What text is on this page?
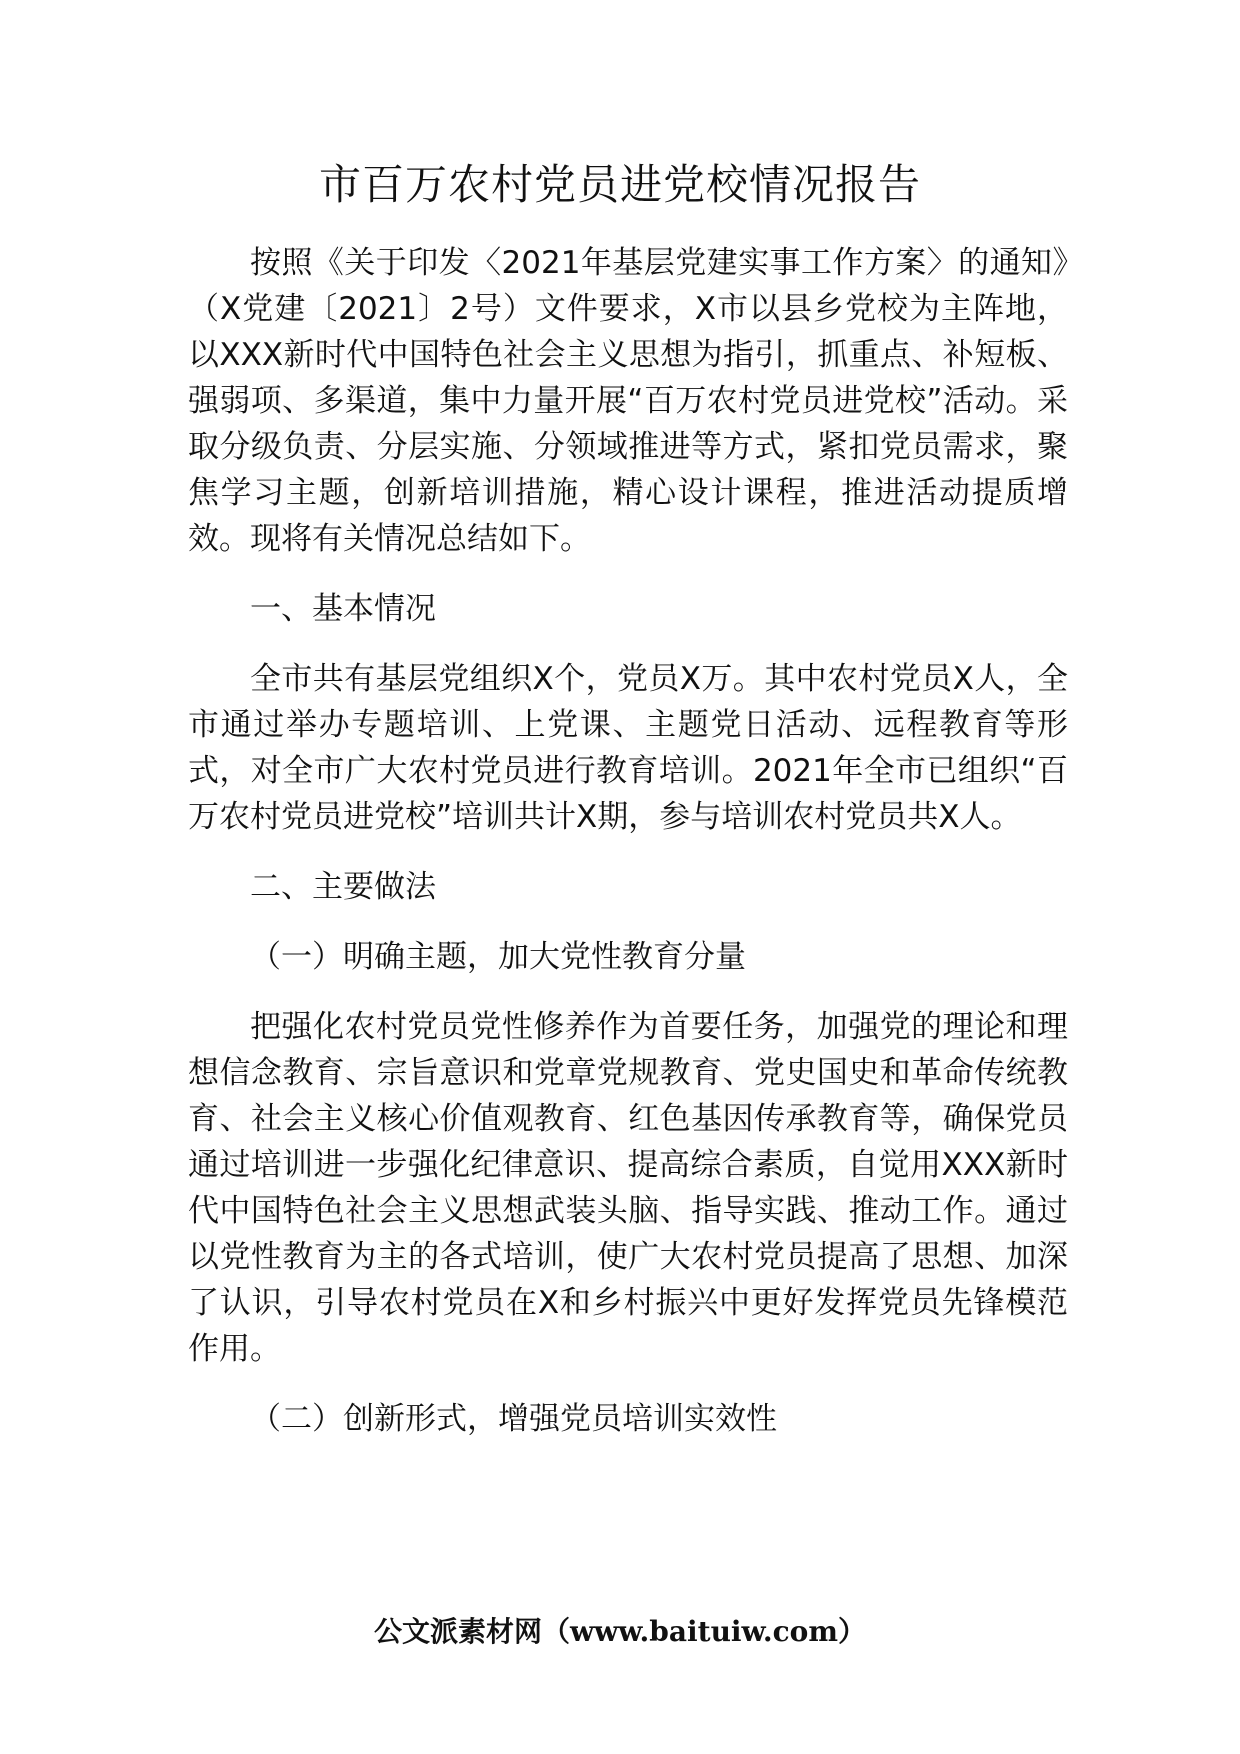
市百万农村党员进党校情况报告

按照《关于印发〈2021年基层党建实事工作方案〉的通知》（X党建〔2021〕2号）文件要求，X市以县乡党校为主阵地，以XXX新时代中国特色社会主义思想为指引，抓重点、补短板、强弱项、多渠道，集中力量开展“百万农村党员进党校”活动。采取分级负责、分层实施、分领域推进等方式，紧扣党员需求，聚焦学习主题，创新培训措施，精心设计课程，推进活动提质增效。现将有关情况总结如下。

一、基本情况

全市共有基层党组织X个，党员X万。其中农村党员X人，全市通过举办专题培训、上党课、主题党日活动、远程教育等形式，对全市广大农村党员进行教育培训。2021年全市已组织“百万农村党员进党校”培训共计X期，参与培训农村党员共X人。

二、主要做法

（一）明确主题，加大党性教育分量

把强化农村党员党性修养作为首要任务，加强党的理论和理想信念教育、宗旨意识和党章党规教育、党史国史和革命传统教育、社会主义核心价值观教育、红色基因传承教育等，确保党员通过培训进一步强化纪律意识、提高综合素质，自觉用XXX新时代中国特色社会主义思想武装头脑、指导实践、推动工作。通过以党性教育为主的各式培训，使广大农村党员提高了思想、加深了认识，引导农村党员在X和乡村振兴中更好发挥党员先锋模范作用。

（二）创新形式，增强党员培训实效性

公文派素材网（www.baituiw.com）
